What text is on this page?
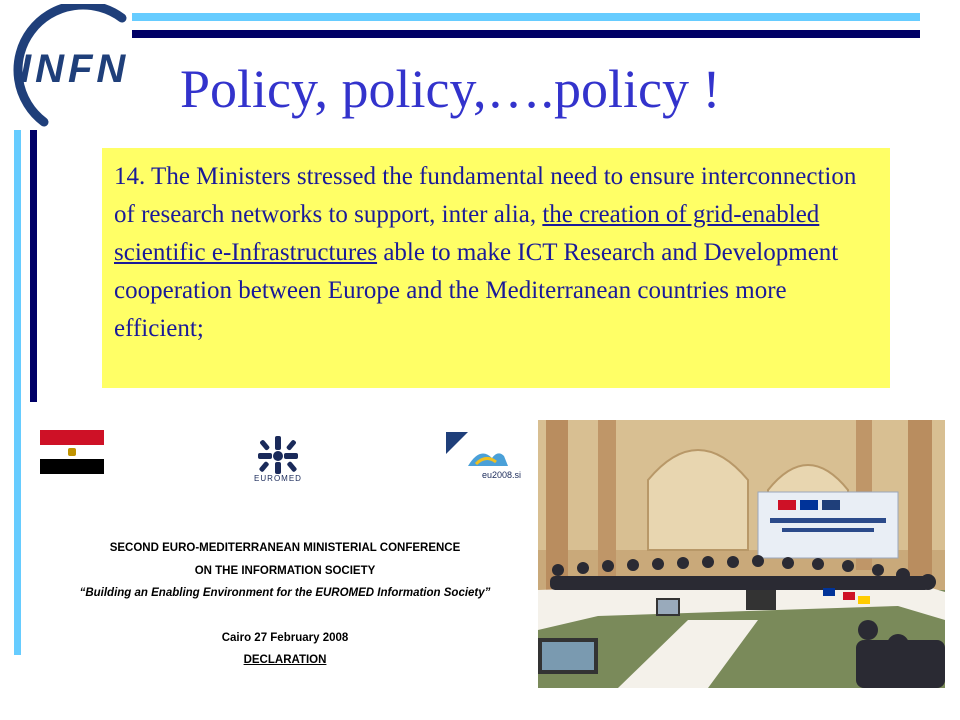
INFN Policy, policy,….policy !

14. The Ministers stressed the fundamental need to ensure interconnection of research networks to support, inter alia, the creation of grid-enabled scientific e-Infrastructures able to make ICT Research and Development cooperation between Europe and the Mediterranean countries more efficient;

EUROMED	eu2008.si
SECOND EURO-MEDITERRANEAN MINISTERIAL CONFERENCE
ON THE INFORMATION SOCIETY
“Building an Enabling Environment for the EUROMED Information Society”
Cairo 27 February 2008
DECLARATION
